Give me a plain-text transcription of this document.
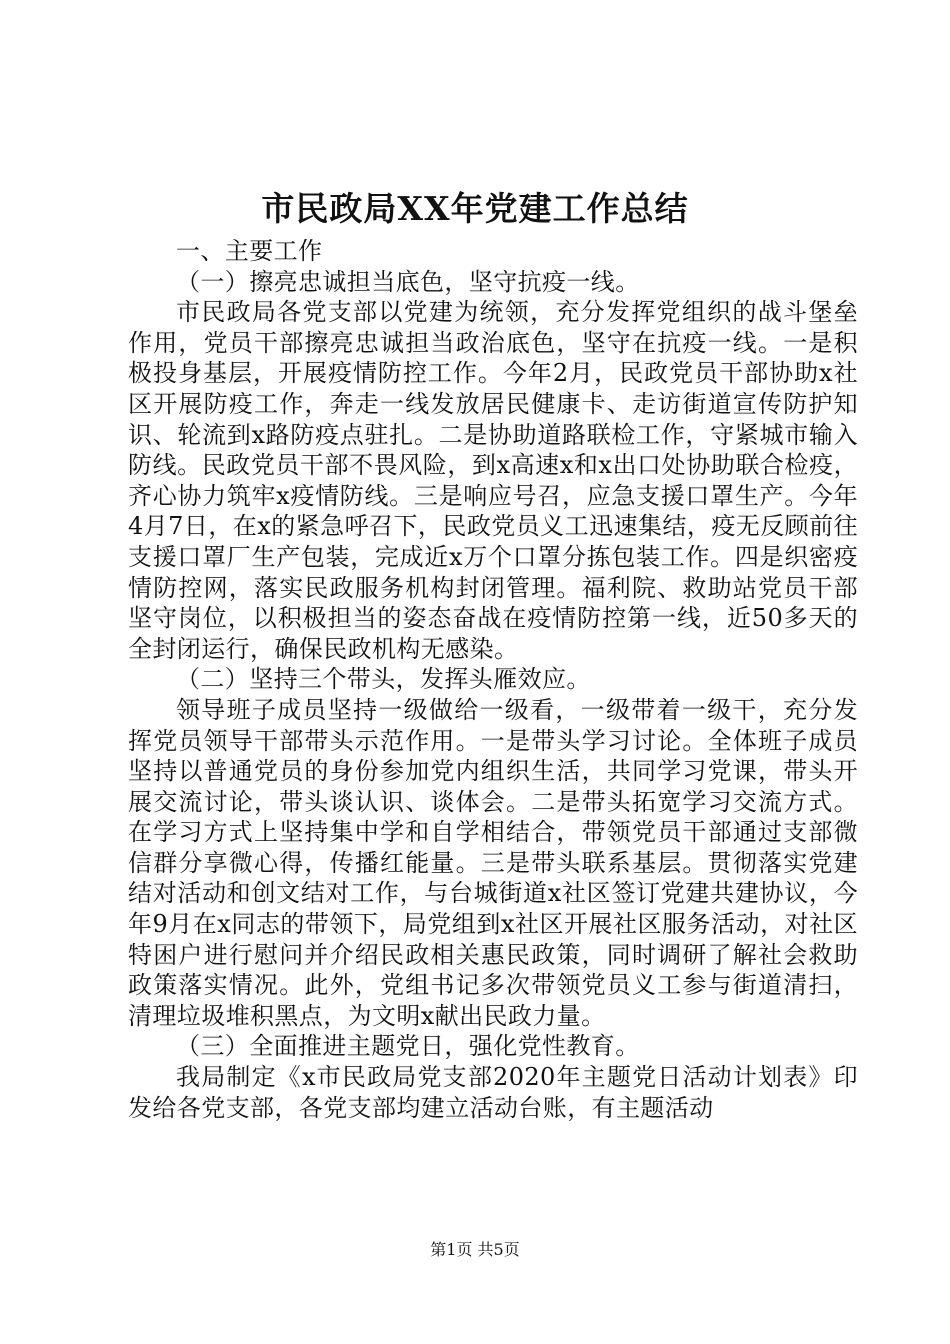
市民政局XX年党建工作总结

一、主要工作

（一）擦亮忠诚担当底色，坚守抗疫一线。

市民政局各党支部以党建为统领，充分发挥党组织的战斗堡垒作用，党员干部擦亮忠诚担当政治底色，坚守在抗疫一线。一是积极投身基层，开展疫情防控工作。今年2月，民政党员干部协助x社区开展防疫工作，奔走一线发放居民健康卡、走访街道宣传防护知识、轮流到x路防疫点驻扎。二是协助道路联检工作，守紧城市输入防线。民政党员干部不畏风险，到x高速x和x出口处协助联合检疫，齐心协力筑牢x疫情防线。三是响应号召，应急支援口罩生产。今年4月7日，在x的紧急呼召下，民政党员义工迅速集结，疫无反顾前往支援口罩厂生产包装，完成近x万个口罩分拣包装工作。四是织密疫情防控网，落实民政服务机构封闭管理。福利院、救助站党员干部坚守岗位，以积极担当的姿态奋战在疫情防控第一线，近50多天的全封闭运行，确保民政机构无感染。

（二）坚持三个带头，发挥头雁效应。

领导班子成员坚持一级做给一级看，一级带着一级干，充分发挥党员领导干部带头示范作用。一是带头学习讨论。全体班子成员坚持以普通党员的身份参加党内组织生活，共同学习党课，带头开展交流讨论，带头谈认识、谈体会。二是带头拓宽学习交流方式。在学习方式上坚持集中学和自学相结合，带领党员干部通过支部微信群分享微心得，传播红能量。三是带头联系基层。贯彻落实党建结对活动和创文结对工作，与台城街道x社区签订党建共建协议，今年9月在x同志的带领下，局党组到x社区开展社区服务活动，对社区特困户进行慰问并介绍民政相关惠民政策，同时调研了解社会救助政策落实情况。此外，党组书记多次带领党员义工参与街道清扫，清理垃圾堆积黑点，为文明x献出民政力量。

（三）全面推进主题党日，强化党性教育。

我局制定《x市民政局党支部2020年主题党日活动计划表》印发给各党支部，各党支部均建立活动台账，有主题活动

第1页 共5页
